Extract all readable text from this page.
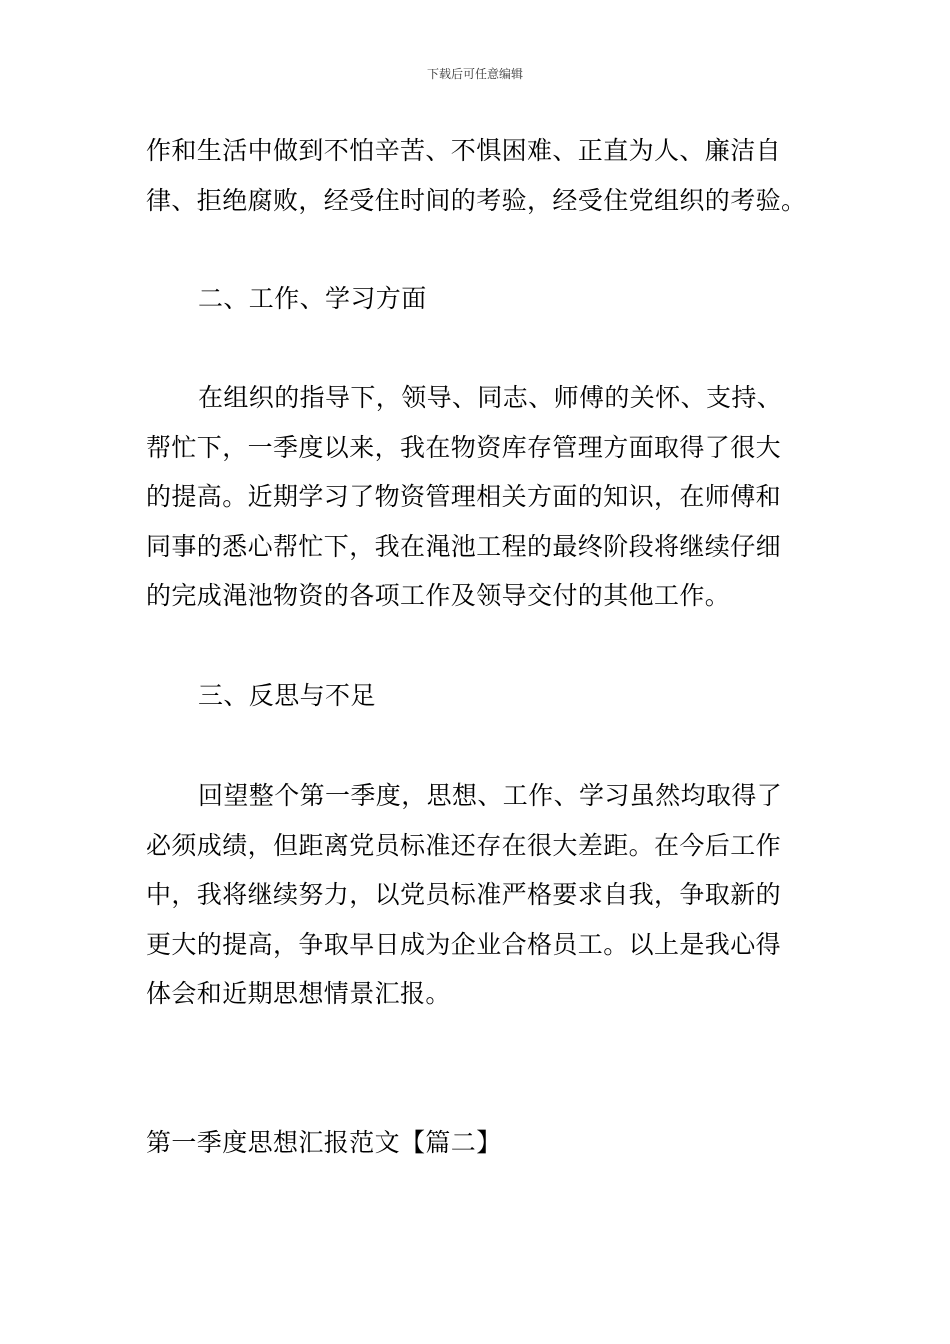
下载后可任意编辑
作和生活中做到不怕辛苦、不惧困难、正直为人、廉洁自
律、拒绝腐败，经受住时间的考验，经受住党组织的考验。
二、工作、学习方面
在组织的指导下，领导、同志、师傅的关怀、支持、
帮忙下，一季度以来，我在物资库存管理方面取得了很大
的提高。近期学习了物资管理相关方面的知识，在师傅和
同事的悉心帮忙下，我在渑池工程的最终阶段将继续仔细
的完成渑池物资的各项工作及领导交付的其他工作。
三、反思与不足
回望整个第一季度，思想、工作、学习虽然均取得了
必须成绩，但距离党员标准还存在很大差距。在今后工作
中，我将继续努力，以党员标准严格要求自我，争取新的
更大的提高，争取早日成为企业合格员工。以上是我心得
体会和近期思想情景汇报。
第一季度思想汇报范文【篇二】
